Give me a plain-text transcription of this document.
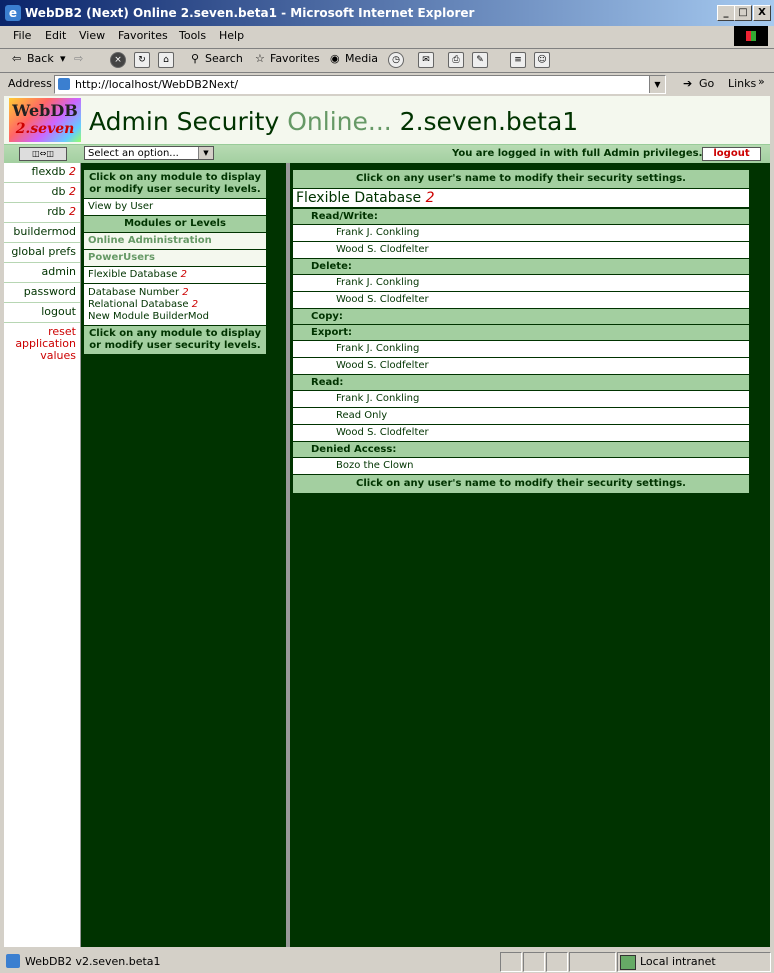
e WebDB2 (Next) Online 2.seven.beta1 - Microsoft Internet Explorer	_ □	X
File Edit View Favorites Tools Help
⇦ Back ▾ ⇨	×	↻	⌂	⚲ Search ☆ Favorites ◉ Media	◷	✉	⎙	✎	≡	☺
Address http://localhost/WebDB2Next/	▼	➔ Go Links »
WebDB
2.seven Admin Security Online... 2.seven.beta1
◫⇔◫	Select an option...	▼	You are logged in with full Admin privileges.	logout
flexdb 2
db 2
rdb 2
buildermod
global prefs
admin
password
logout
reset
application
values
Click on any module to display or modify user security levels.
View by User
Modules or Levels
Online Administration
PowerUsers
Flexible Database 2
Database Number 2
Relational Database 2
New Module BuilderMod
Click on any module to display or modify user security levels.
Click on any user's name to modify their security settings.
Flexible Database 2
Read/Write:
Frank J. Conkling
Wood S. Clodfelter
Delete:
Frank J. Conkling
Wood S. Clodfelter
Copy:
Export:
Frank J. Conkling
Wood S. Clodfelter
Read:
Frank J. Conkling
Read Only
Wood S. Clodfelter
Denied Access:
Bozo the Clown
Click on any user's name to modify their security settings.
WebDB2 v2.seven.beta1	Local intranet
